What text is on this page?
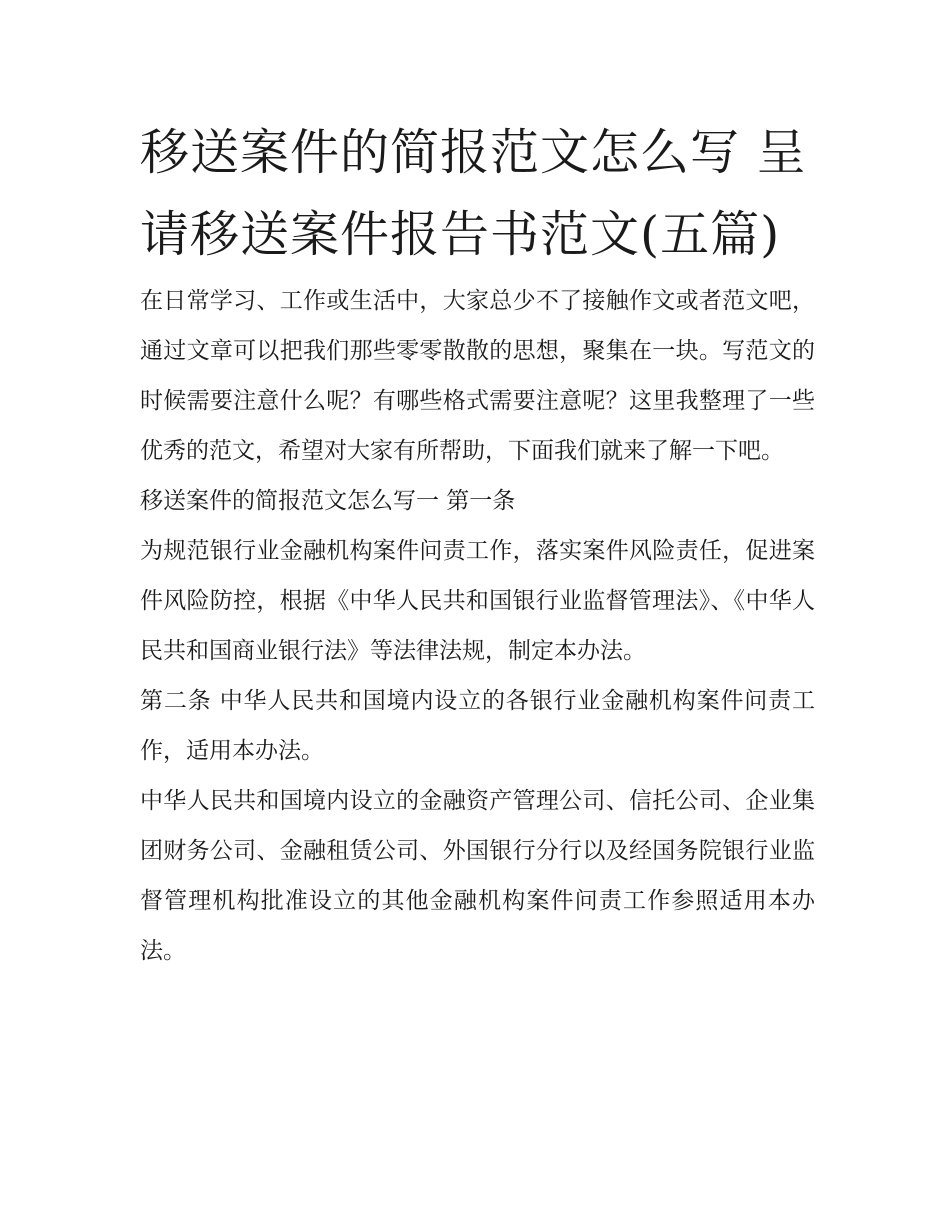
移送案件的简报范文怎么写 呈请移送案件报告书范文(五篇)

在日常学习、工作或生活中，大家总少不了接触作文或者范文吧，通过文章可以把我们那些零零散散的思想，聚集在一块。写范文的时候需要注意什么呢？有哪些格式需要注意呢？这里我整理了一些优秀的范文，希望对大家有所帮助，下面我们就来了解一下吧。

移送案件的简报范文怎么写一 第一条

为规范银行业金融机构案件问责工作，落实案件风险责任，促进案件风险防控，根据《中华人民共和国银行业监督管理法》、《中华人民共和国商业银行法》等法律法规，制定本办法。

第二条 中华人民共和国境内设立的各银行业金融机构案件问责工作，适用本办法。

中华人民共和国境内设立的金融资产管理公司、信托公司、企业集团财务公司、金融租赁公司、外国银行分行以及经国务院银行业监督管理机构批准设立的其他金融机构案件问责工作参照适用本办法。
